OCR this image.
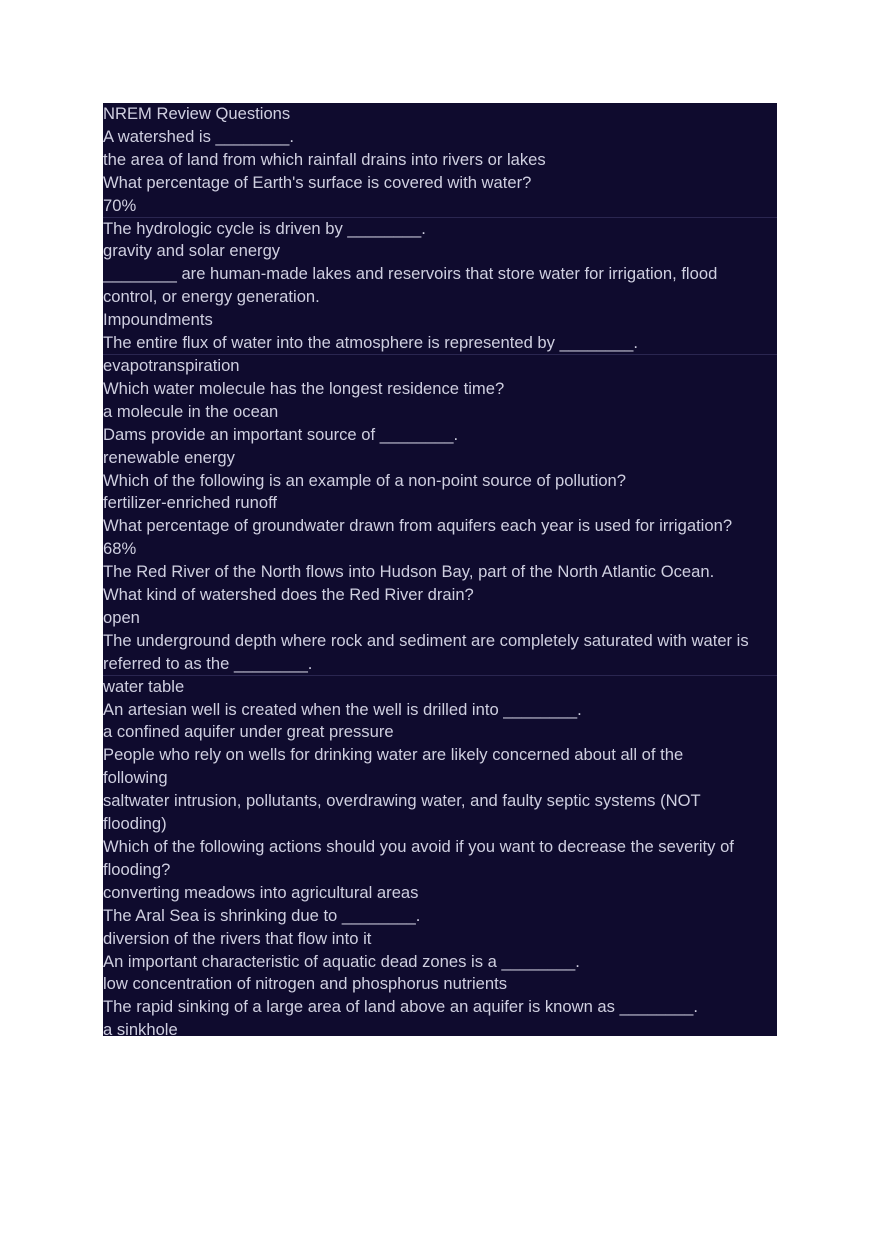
NREM Review Questions

A watershed is ________.

the area of land from which rainfall drains into rivers or lakes

What percentage of Earth's surface is covered with water?

70%

The hydrologic cycle is driven by ________.

gravity and solar energy

________ are human-made lakes and reservoirs that store water for irrigation, flood

control, or energy generation.

Impoundments

The entire flux of water into the atmosphere is represented by ________.

evapotranspiration

Which water molecule has the longest residence time?

a molecule in the ocean

Dams provide an important source of ________.

renewable energy

Which of the following is an example of a non-point source of pollution?

fertilizer-enriched runoff

What percentage of groundwater drawn from aquifers each year is used for irrigation?

68%

The Red River of the North flows into Hudson Bay, part of the North Atlantic Ocean.

What kind of watershed does the Red River drain?

open

The underground depth where rock and sediment are completely saturated with water is

referred to as the ________.

water table

An artesian well is created when the well is drilled into ________.

a confined aquifer under great pressure

People who rely on wells for drinking water are likely concerned about all of the

following

saltwater intrusion, pollutants, overdrawing water, and faulty septic systems (NOT

flooding)

Which of the following actions should you avoid if you want to decrease the severity of

flooding?

converting meadows into agricultural areas

The Aral Sea is shrinking due to ________.

diversion of the rivers that flow into it

An important characteristic of aquatic dead zones is a ________.

low concentration of nitrogen and phosphorus nutrients

The rapid sinking of a large area of land above an aquifer is known as ________.

a sinkhole
